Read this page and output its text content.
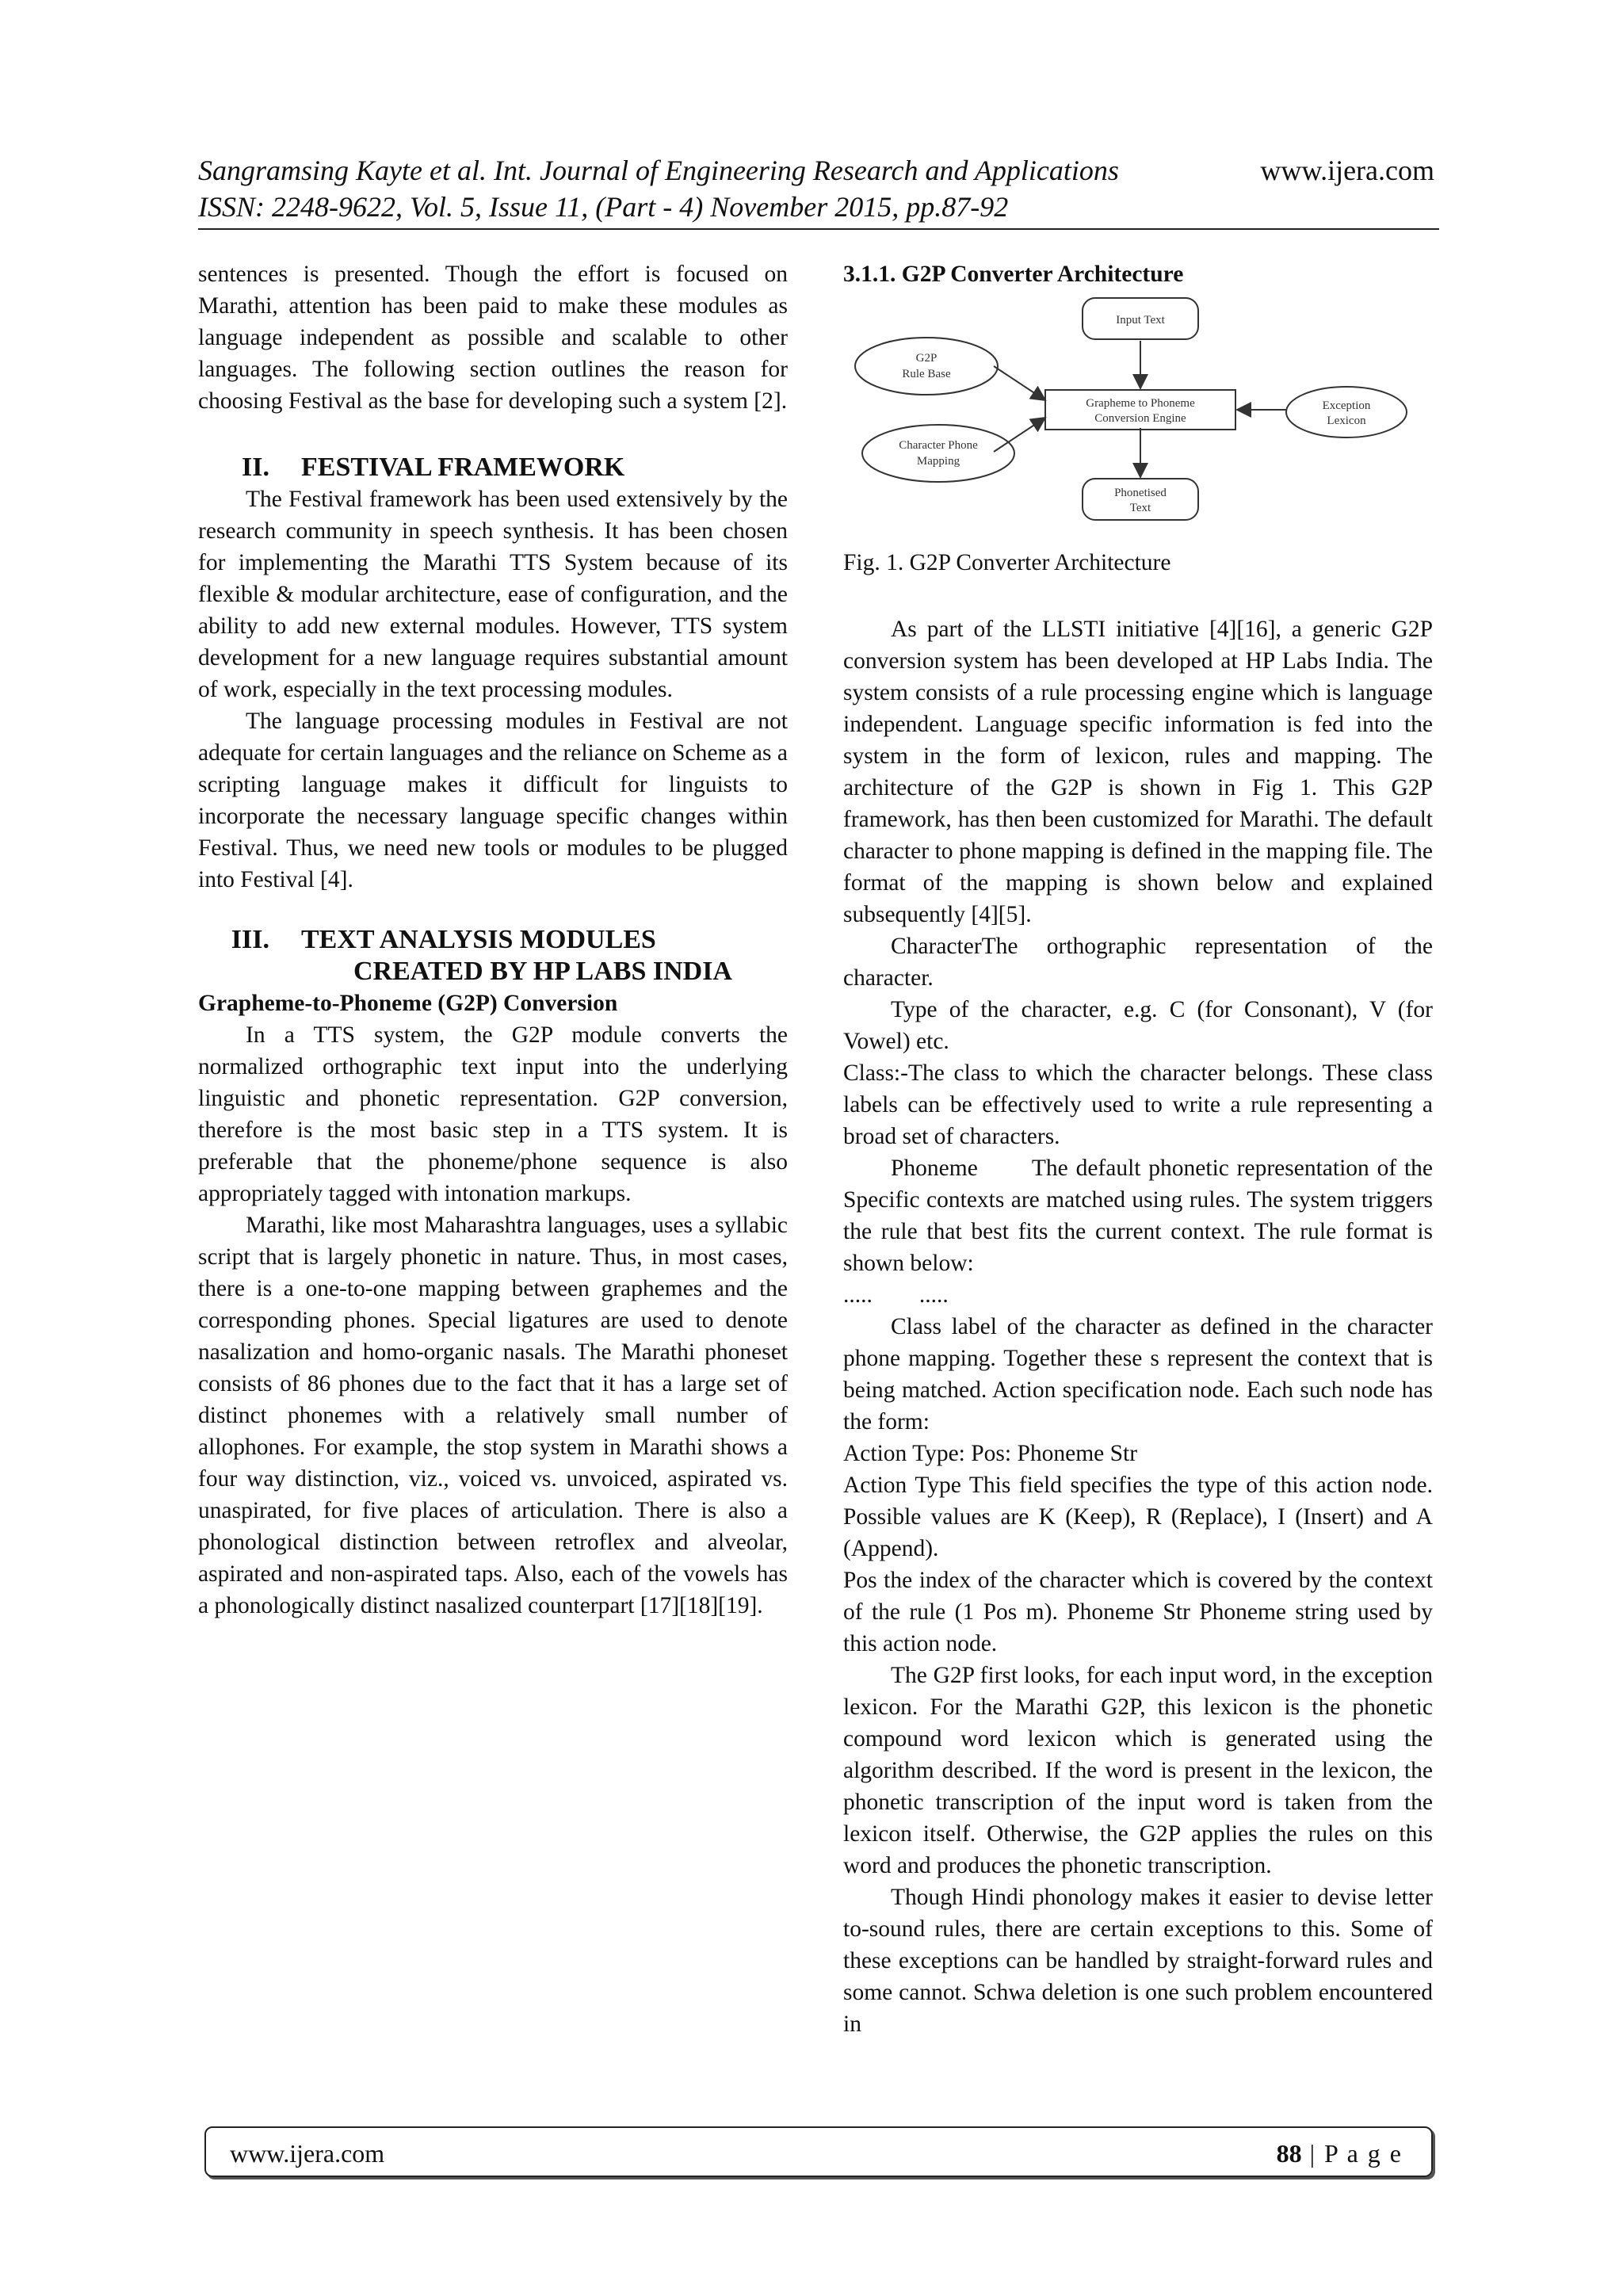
Sangramsing Kayte et al. Int. Journal of Engineering Research and Applications	www.ijera.com
ISSN: 2248-9622, Vol. 5, Issue 11, (Part - 4) November 2015, pp.87-92

sentences is presented. Though the effort is focused on Marathi, attention has been paid to make these modules as language independent as possible and scalable to other languages. The following section outlines the reason for choosing Festival as the base for developing such a system [2].

II. FESTIVAL FRAMEWORK

The Festival framework has been used extensively by the research community in speech synthesis. It has been chosen for implementing the Marathi TTS System because of its flexible & modular architecture, ease of configuration, and the ability to add new external modules. However, TTS system development for a new language requires substantial amount of work, especially in the text processing modules.

The language processing modules in Festival are not adequate for certain languages and the reliance on Scheme as a scripting language makes it difficult for linguists to incorporate the necessary language specific changes within Festival. Thus, we need new tools or modules to be plugged into Festival [4].

III. TEXT ANALYSIS MODULES
CREATED BY HP LABS INDIA

Grapheme-to-Phoneme (G2P) Conversion

In a TTS system, the G2P module converts the normalized orthographic text input into the underlying linguistic and phonetic representation. G2P conversion, therefore is the most basic step in a TTS system. It is preferable that the phoneme/phone sequence is also appropriately tagged with intonation markups.

Marathi, like most Maharashtra languages, uses a syllabic script that is largely phonetic in nature. Thus, in most cases, there is a one-to-one mapping between graphemes and the corresponding phones. Special ligatures are used to denote nasalization and homo-organic nasals. The Marathi phoneset consists of 86 phones due to the fact that it has a large set of distinct phonemes with a relatively small number of allophones. For example, the stop system in Marathi shows a four way distinction, viz., voiced vs. unvoiced, aspirated vs. unaspirated, for five places of articulation. There is also a phonological distinction between retroflex and alveolar, aspirated and non-aspirated taps. Also, each of the vowels has a phonologically distinct nasalized counterpart [17][18][19].

3.1.1. G2P Converter Architecture

Input Text
G2P
Rule Base
Grapheme to Phoneme
Conversion Engine
Exception
Lexicon
Character Phone
Mapping
Phonetised
Text

Fig. 1. G2P Converter Architecture

As part of the LLSTI initiative [4][16], a generic G2P conversion system has been developed at HP Labs India. The system consists of a rule processing engine which is language independent. Language specific information is fed into the system in the form of lexicon, rules and mapping. The architecture of the G2P is shown in Fig 1. This G2P framework, has then been customized for Marathi. The default character to phone mapping is defined in the mapping file. The format of the mapping is shown below and explained subsequently [4][5].

CharacterThe orthographic representation of the character.

Type of the character, e.g. C (for Consonant), V (for Vowel) etc.

Class:-The class to which the character belongs. These class labels can be effectively used to write a rule representing a broad set of characters.

Phoneme       The default phonetic representation of the Specific contexts are matched using rules. The system triggers the rule that best fits the current context. The rule format is shown below:

.....        .....

Class label of the character as defined in the character phone mapping. Together these s represent the context that is being matched. Action specification node. Each such node has the form:

Action Type: Pos: Phoneme Str

Action Type This field specifies the type of this action node. Possible values are K (Keep), R (Replace), I (Insert) and A (Append).

Pos the index of the character which is covered by the context of the rule (1 Pos m). Phoneme Str Phoneme string used by this action node.

The G2P first looks, for each input word, in the exception lexicon. For the Marathi G2P, this lexicon is the phonetic compound word lexicon which is generated using the algorithm described. If the word is present in the lexicon, the phonetic transcription of the input word is taken from the lexicon itself. Otherwise, the G2P applies the rules on this word and produces the phonetic transcription.

Though Hindi phonology makes it easier to devise letter to-sound rules, there are certain exceptions to this. Some of these exceptions can be handled by straight-forward rules and some cannot. Schwa deletion is one such problem encountered in

www.ijera.com	88 | P a g e
